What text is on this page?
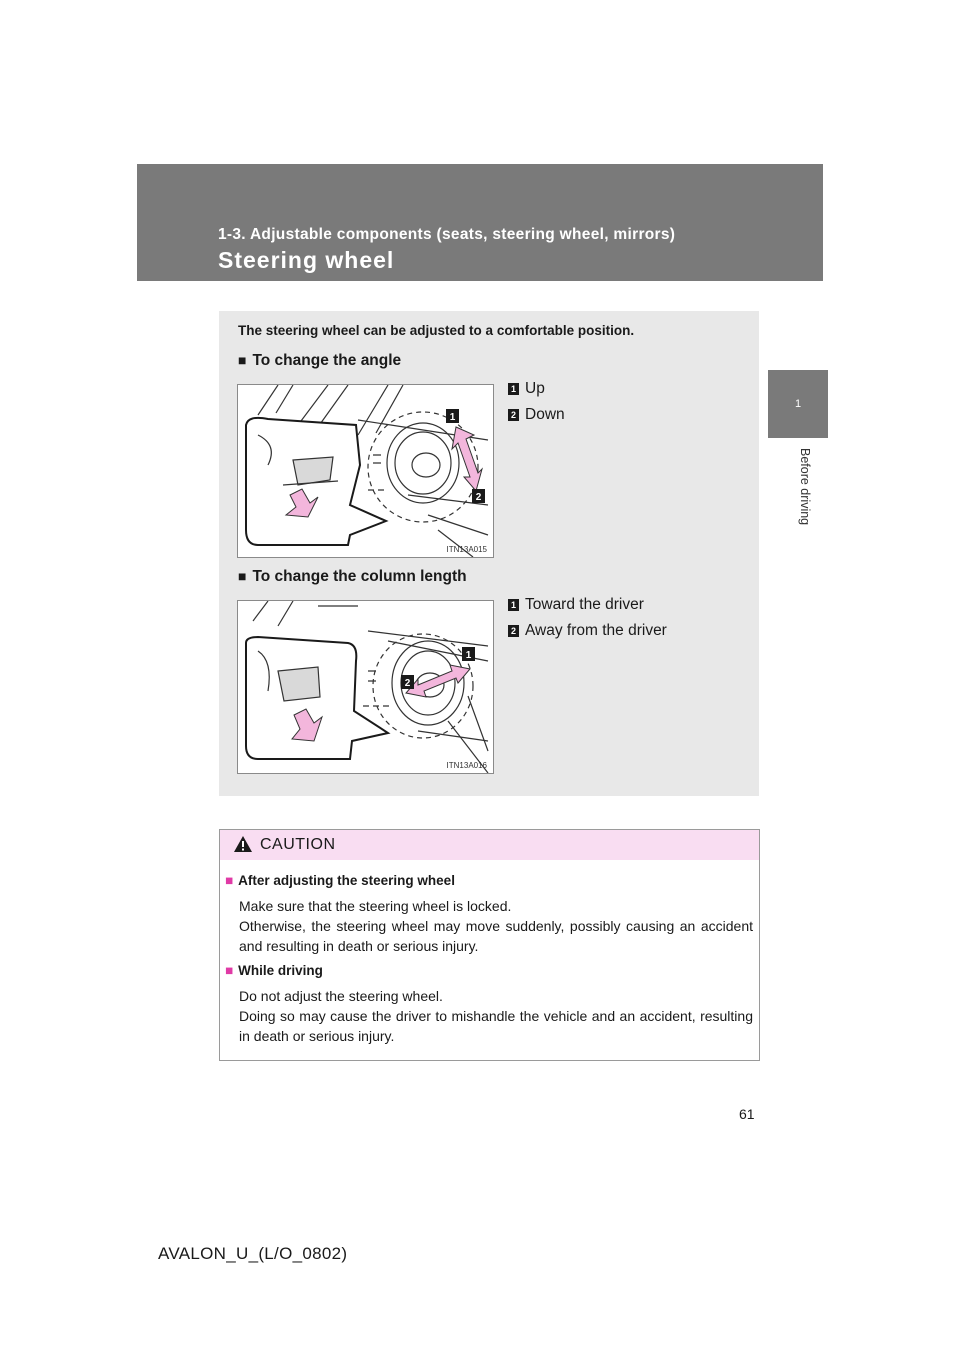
1-3. Adjustable components (seats, steering wheel, mirrors)
Steering wheel
1
Before driving
The steering wheel can be adjusted to a comfortable position.
■ To change the angle
1
2
ITN13A015
1 Up
2 Down
■ To change the column length
1
2
ITN13A016
1 Toward the driver
2 Away from the driver
CAUTION
■ After adjusting the steering wheel
Make sure that the steering wheel is locked.
Otherwise, the steering wheel may move suddenly, possibly causing an accident and resulting in death or serious injury.
■ While driving
Do not adjust the steering wheel.
Doing so may cause the driver to mishandle the vehicle and an accident, resulting in death or serious injury.
61
AVALON_U_(L/O_0802)
